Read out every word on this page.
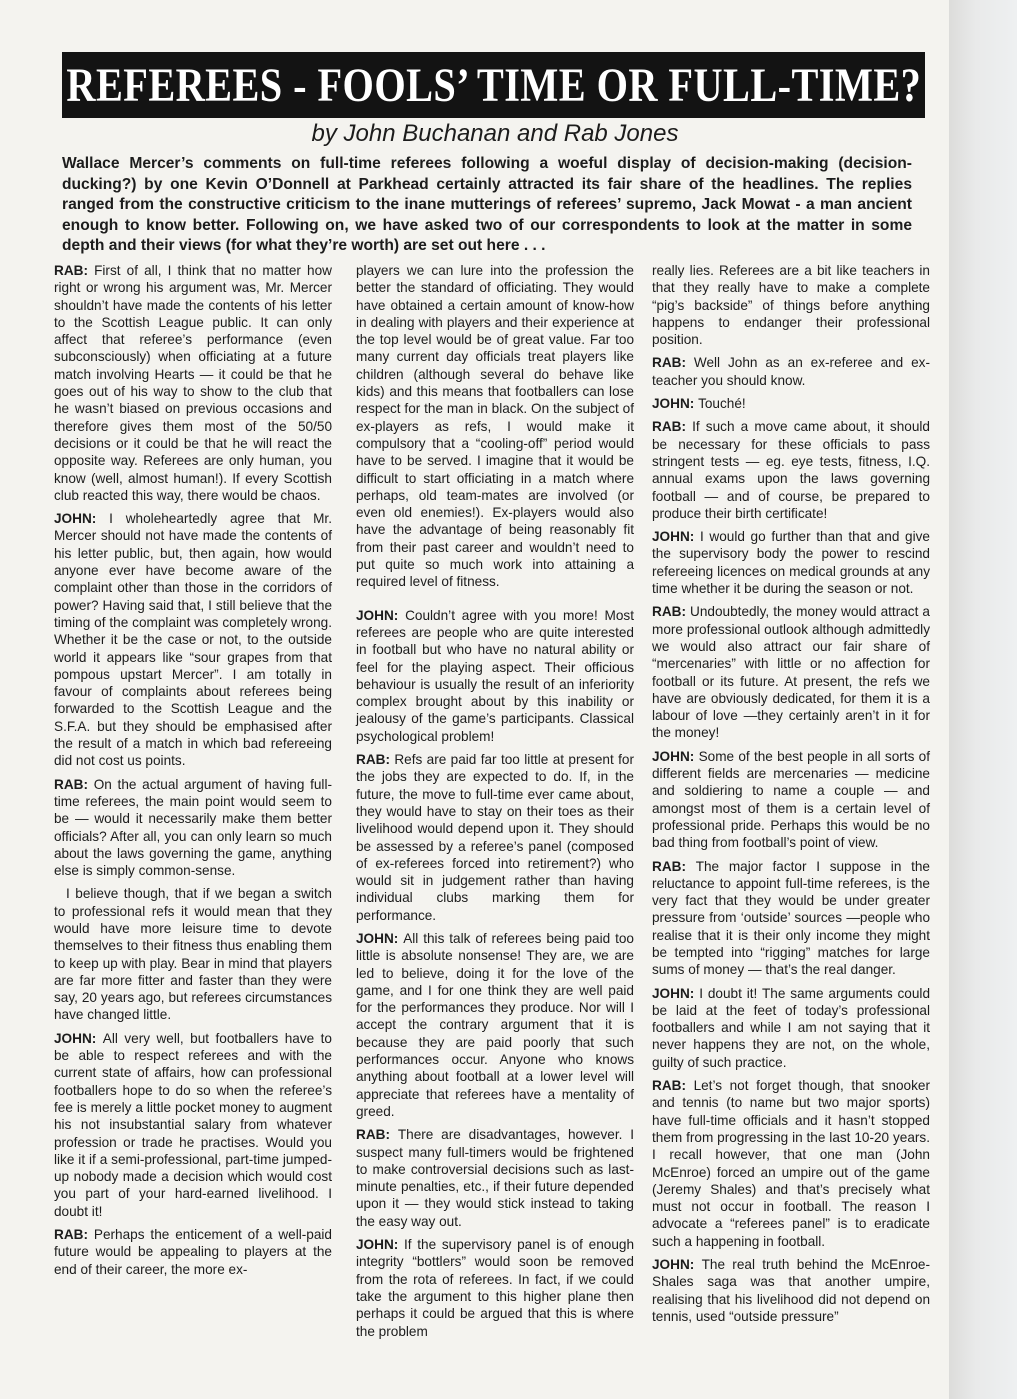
REFEREES - FOOLS’ TIME OR FULL-TIME?
by John Buchanan and Rab Jones
Wallace Mercer’s comments on full-time referees following a woeful display of decision-making (decision-ducking?) by one Kevin O’Donnell at Parkhead certainly attracted its fair share of the headlines. The replies ranged from the constructive criticism to the inane mutterings of referees’ supremo, Jack Mowat - a man ancient enough to know better. Following on, we have asked two of our correspondents to look at the matter in some depth and their views (for what they’re worth) are set out here . . .

RAB: First of all, I think that no matter how right or wrong his argument was, Mr. Mercer shouldn’t have made the contents of his letter to the Scottish League public. It can only affect that referee’s performance (even subconsciously) when officiating at a future match involving Hearts — it could be that he goes out of his way to show to the club that he wasn’t biased on previous occasions and therefore gives them most of the 50/50 decisions or it could be that he will react the opposite way. Referees are only human, you know (well, almost human!). If every Scottish club reacted this way, there would be chaos.

JOHN: I wholeheartedly agree that Mr. Mercer should not have made the contents of his letter public, but, then again, how would anyone ever have become aware of the complaint other than those in the corridors of power? Having said that, I still believe that the timing of the complaint was completely wrong. Whether it be the case or not, to the outside world it appears like “sour grapes from that pompous upstart Mercer”. I am totally in favour of complaints about referees being forwarded to the Scottish League and the S.F.A. but they should be emphasised after the result of a match in which bad refereeing did not cost us points.

RAB: On the actual argument of having full-time referees, the main point would seem to be — would it necessarily make them better officials? After all, you can only learn so much about the laws governing the game, anything else is simply common-sense.

I believe though, that if we began a switch to professional refs it would mean that they would have more leisure time to devote themselves to their fitness thus enabling them to keep up with play. Bear in mind that players are far more fitter and faster than they were say, 20 years ago, but referees circumstances have changed little.

JOHN: All very well, but footballers have to be able to respect referees and with the current state of affairs, how can professional footballers hope to do so when the referee’s fee is merely a little pocket money to augment his not insubstantial salary from whatever profession or trade he practises. Would you like it if a semi-professional, part-time jumped-up nobody made a decision which would cost you part of your hard-earned livelihood. I doubt it!

RAB: Perhaps the enticement of a well-paid future would be appealing to players at the end of their career, the more ex-

players we can lure into the profession the better the standard of officiating. They would have obtained a certain amount of know-how in dealing with players and their experience at the top level would be of great value. Far too many current day officials treat players like children (although several do behave like kids) and this means that footballers can lose respect for the man in black. On the subject of ex-players as refs, I would make it compulsory that a “cooling-off” period would have to be served. I imagine that it would be difficult to start officiating in a match where perhaps, old team-mates are involved (or even old enemies!). Ex-players would also have the advantage of being reasonably fit from their past career and wouldn’t need to put quite so much work into attaining a required level of fitness.

JOHN: Couldn’t agree with you more! Most referees are people who are quite interested in football but who have no natural ability or feel for the playing aspect. Their officious behaviour is usually the result of an inferiority complex brought about by this inability or jealousy of the game’s participants. Classical psychological problem!

RAB: Refs are paid far too little at present for the jobs they are expected to do. If, in the future, the move to full-time ever came about, they would have to stay on their toes as their livelihood would depend upon it. They should be assessed by a referee’s panel (composed of ex-referees forced into retirement?) who would sit in judgement rather than having individual clubs marking them for performance.

JOHN: All this talk of referees being paid too little is absolute nonsense! They are, we are led to believe, doing it for the love of the game, and I for one think they are well paid for the performances they produce. Nor will I accept the contrary argument that it is because they are paid poorly that such performances occur. Anyone who knows anything about football at a lower level will appreciate that referees have a mentality of greed.

RAB: There are disadvantages, however. I suspect many full-timers would be frightened to make controversial decisions such as last-minute penalties, etc., if their future depended upon it — they would stick instead to taking the easy way out.

JOHN: If the supervisory panel is of enough integrity “bottlers” would soon be removed from the rota of referees. In fact, if we could take the argument to this higher plane then perhaps it could be argued that this is where the problem

really lies. Referees are a bit like teachers in that they really have to make a complete “pig’s backside” of things before anything happens to endanger their professional position.

RAB: Well John as an ex-referee and ex-teacher you should know.

JOHN: Touché!

RAB: If such a move came about, it should be necessary for these officials to pass stringent tests — eg. eye tests, fitness, I.Q. annual exams upon the laws governing football — and of course, be prepared to produce their birth certificate!

JOHN: I would go further than that and give the supervisory body the power to rescind refereeing licences on medical grounds at any time whether it be during the season or not.

RAB: Undoubtedly, the money would attract a more professional outlook although admittedly we would also attract our fair share of “mercenaries” with little or no affection for football or its future. At present, the refs we have are obviously dedicated, for them it is a labour of love —they certainly aren’t in it for the money!

JOHN: Some of the best people in all sorts of different fields are mercenaries — medicine and soldiering to name a couple — and amongst most of them is a certain level of professional pride. Perhaps this would be no bad thing from football’s point of view.

RAB: The major factor I suppose in the reluctance to appoint full-time referees, is the very fact that they would be under greater pressure from ‘outside’ sources —people who realise that it is their only income they might be tempted into “rigging” matches for large sums of money — that’s the real danger.

JOHN: I doubt it! The same arguments could be laid at the feet of today’s professional footballers and while I am not saying that it never happens they are not, on the whole, guilty of such practice.

RAB: Let’s not forget though, that snooker and tennis (to name but two major sports) have full-time officials and it hasn’t stopped them from progressing in the last 10-20 years. I recall however, that one man (John McEnroe) forced an umpire out of the game (Jeremy Shales) and that’s precisely what must not occur in football. The reason I advocate a “referees panel” is to eradicate such a happening in football.

JOHN: The real truth behind the McEnroe-Shales saga was that another umpire, realising that his livelihood did not depend on tennis, used “outside pressure”
